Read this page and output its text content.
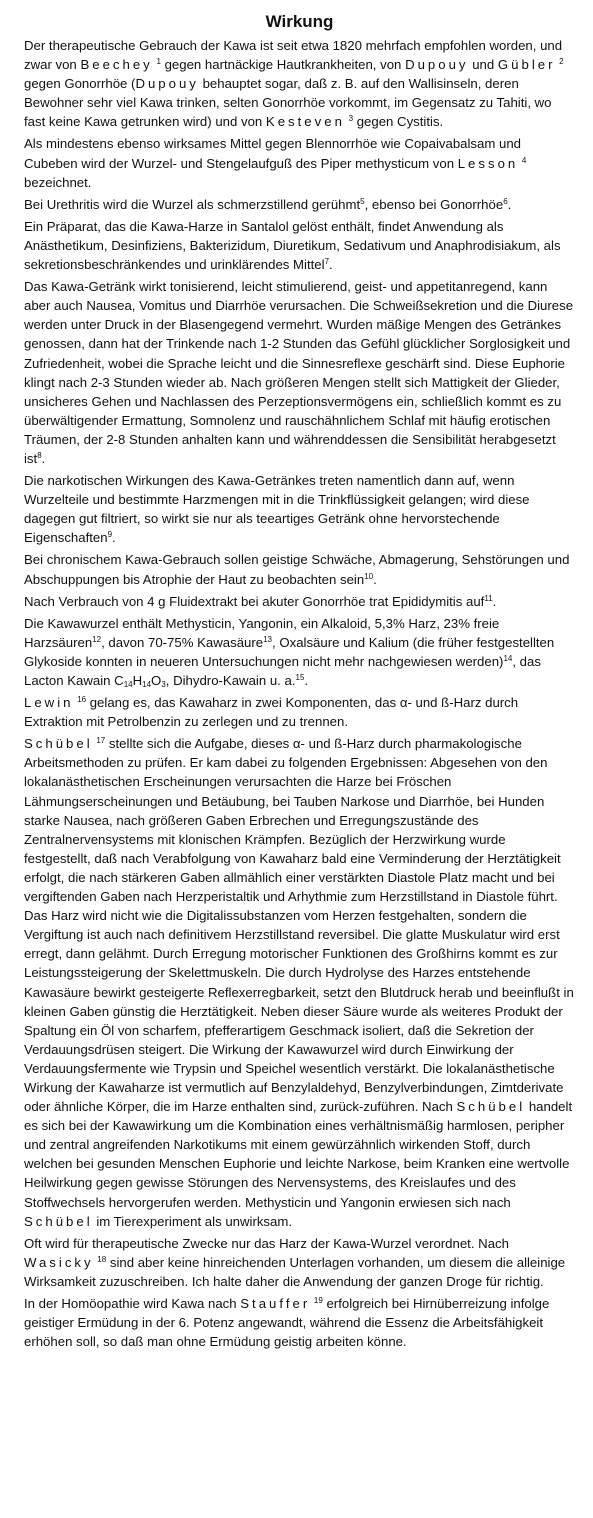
Wirkung

Der therapeutische Gebrauch der Kawa ist seit etwa 1820 mehrfach empfohlen worden, und zwar von Beechey $^1$ gegen hartnäckige Hautkrankheiten, von Dupouy und Gübler $^2$ gegen Gonorrhöe (Dupouy behauptet sogar, daß z. B. auf den Wallisinseln, deren Bewohner sehr viel Kawa trinken, selten Gonorrhöe vorkommt, im Gegensatz zu Tahiti, wo fast keine Kawa getrunken wird) und von Kesteven $^3$ gegen Cystitis.

Als mindestens ebenso wirksames Mittel gegen Blennorrhöe wie Copaivabalsam und Cubeben wird der Wurzel- und Stengelaufguß des Piper methysticum von Lesson $^4$ bezeichnet.

Bei Urethritis wird die Wurzel als schmerzstillend gerühmt$^5$, ebenso bei Gonorrhöe$^6$.

Ein Präparat, das die Kawa-Harze in Santalol gelöst enthält, findet Anwendung als Anästhetikum, Desinfiziens, Bakterizidum, Diuretikum, Sedativum und Anaphrodisiakum, als sekretionsbeschränkendes und urinklärendes Mittel$^7$.

Das Kawa-Getränk wirkt tonisierend, leicht stimulierend, geist- und appetitanregend, kann aber auch Nausea, Vomitus und Diarrhöe verursachen. Die Schweißsekretion und die Diurese werden unter Druck in der Blasengegend vermehrt. Wurden mäßige Mengen des Getränkes genossen, dann hat der Trinkende nach 1-2 Stunden das Gefühl glücklicher Sorglosigkeit und Zufriedenheit, wobei die Sprache leicht und die Sinnesreflexe geschärft sind. Diese Euphorie klingt nach 2-3 Stunden wieder ab. Nach größeren Mengen stellt sich Mattigkeit der Glieder, unsicheres Gehen und Nachlassen des Perzeptionsvermögens ein, schließlich kommt es zu überwältigender Ermattung, Somnolenz und rauschähnlichem Schlaf mit häufig erotischen Träumen, der 2-8 Stunden anhalten kann und währenddessen die Sensibilität herabgesetzt ist$^8$.

Die narkotischen Wirkungen des Kawa-Getränkes treten namentlich dann auf, wenn Wurzelteile und bestimmte Harzmengen mit in die Trinkflüssigkeit gelangen; wird diese dagegen gut filtriert, so wirkt sie nur als teeartiges Getränk ohne hervorstechende Eigenschaften$^9$.

Bei chronischem Kawa-Gebrauch sollen geistige Schwäche, Abmagerung, Sehstörungen und Abschuppungen bis Atrophie der Haut zu beobachten sein$^{10}$.

Nach Verbrauch von 4 g Fluidextrakt bei akuter Gonorrhöe trat Epididymitis auf$^{11}$.

Die Kawawurzel enthält Methysticin, Yangonin, ein Alkaloid, 5,3% Harz, 23% freie Harzsäuren$^{12}$, davon 70-75% Kawasäure$^{13}$, Oxalsäure und Kalium (die früher festgestellten Glykoside konnten in neueren Untersuchungen nicht mehr nachgewiesen werden)$^{14}$, das Lacton Kawain $C_{14}H_{14}O_3$, Dihydro-Kawain u. a.$^{15}$.

Lewin $^{16}$ gelang es, das Kawaharz in zwei Komponenten, das α- und ß-Harz durch Extraktion mit Petrolbenzin zu zerlegen und zu trennen.

Schübel $^{17}$ stellte sich die Aufgabe, dieses α- und ß-Harz durch pharmakologische Arbeitsmethoden zu prüfen. Er kam dabei zu folgenden Ergebnissen: Abgesehen von den lokalanästhetischen Erscheinungen verursachten die Harze bei Fröschen Lähmungserscheinungen und Betäubung, bei Tauben Narkose und Diarrhöe, bei Hunden starke Nausea, nach größeren Gaben Erbrechen und Erregungszustände des Zentralnervensystems mit klonischen Krämpfen. Bezüglich der Herzwirkung wurde festgestellt, daß nach Verabfolgung von Kawaharz bald eine Verminderung der Herztätigkeit erfolgt, die nach stärkeren Gaben allmählich einer verstärkten Diastole Platz macht und bei vergiftenden Gaben nach Herzperistaltik und Arhythmie zum Herzstillstand in Diastole führt. Das Harz wird nicht wie die Digitalissubstanzen vom Herzen festgehalten, sondern die Vergiftung ist auch nach definitivem Herzstillstand reversibel. Die glatte Muskulatur wird erst erregt, dann gelähmt. Durch Erregung motorischer Funktionen des Großhirns kommt es zur Leistungssteigerung der Skelettmuskeln. Die durch Hydrolyse des Harzes entstehende Kawasäure bewirkt gesteigerte Reflexerregbarkeit, setzt den Blutdruck herab und beeinflußt in kleinen Gaben günstig die Herztätigkeit. Neben dieser Säure wurde als weiteres Produkt der Spaltung ein Öl von scharfem, pfefferartigem Geschmack isoliert, daß die Sekretion der Verdauungsdrüsen steigert. Die Wirkung der Kawawurzel wird durch Einwirkung der Verdauungsfermente wie Trypsin und Speichel wesentlich verstärkt. Die lokalanästhetische Wirkung der Kawaharze ist vermutlich auf Benzylaldehyd, Benzylverbindungen, Zimtderivate oder ähnliche Körper, die im Harze enthalten sind, zurück-zuführen. Nach Schübel handelt es sich bei der Kawawirkung um die Kombination eines verhältnismäßig harmlosen, peripher und zentral angreifenden Narkotikums mit einem gewürzähnlich wirkenden Stoff, durch welchen bei gesunden Menschen Euphorie und leichte Narkose, beim Kranken eine wertvolle Heilwirkung gegen gewisse Störungen des Nervensystems, des Kreislaufes und des Stoffwechsels hervorgerufen werden. Methysticin und Yangonin erwiesen sich nach Schübel im Tierexperiment als unwirksam.

Oft wird für therapeutische Zwecke nur das Harz der Kawa-Wurzel verordnet. Nach Wasicky $^{18}$ sind aber keine hinreichenden Unterlagen vorhanden, um diesem die alleinige Wirksamkeit zuzuschreiben. Ich halte daher die Anwendung der ganzen Droge für richtig.

In der Homöopathie wird Kawa nach Stauffer $^{19}$ erfolgreich bei Hirnüberreizung infolge geistiger Ermüdung in der 6. Potenz angewandt, während die Essenz die Arbeitsfähigkeit erhöhen soll, so daß man ohne Ermüdung geistig arbeiten könne.
